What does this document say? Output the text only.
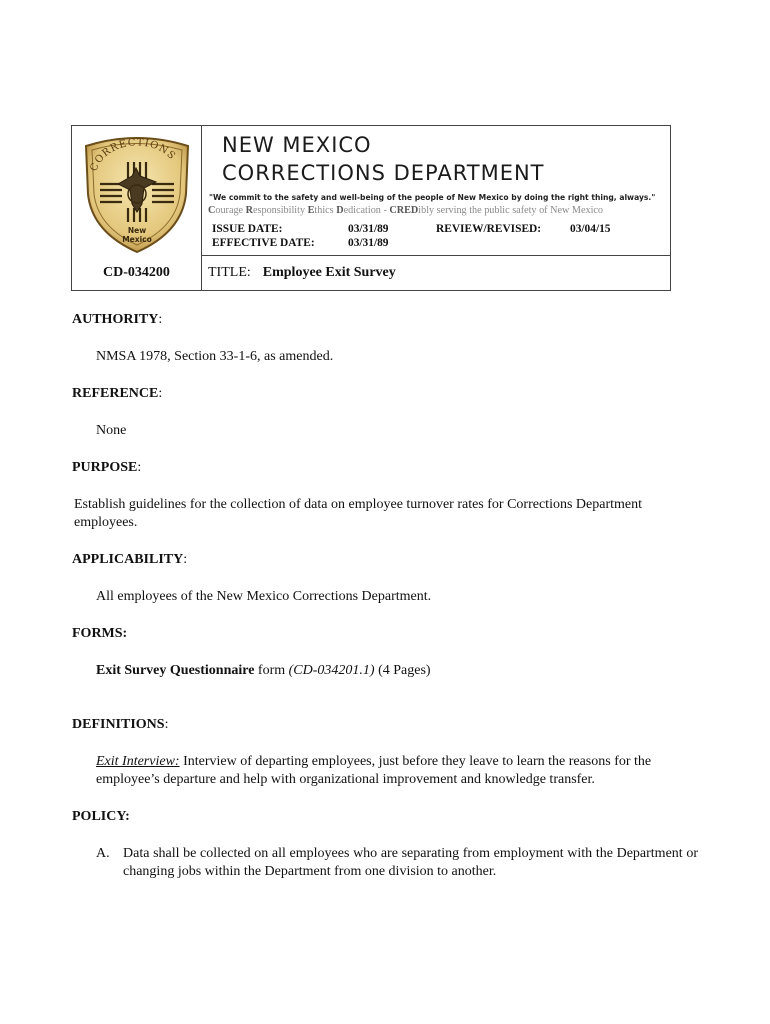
CORRECTIONS
New
Mexico
CD-034200
NEW MEXICO
CORRECTIONS DEPARTMENT
"We commit to the safety and well-being of the people of New Mexico by doing the right thing, always."
Courage Responsibility Ethics Dedication - CREDibly serving the public safety of New Mexico
ISSUE DATE:	03/31/89	REVIEW/REVISED:	03/04/15
EFFECTIVE DATE:	03/31/89
TITLE: Employee Exit Survey
AUTHORITY:
NMSA 1978, Section 33-1-6, as amended.
REFERENCE:
None
PURPOSE:
Establish guidelines for the collection of data on employee turnover rates for Corrections Department employees.
APPLICABILITY:
All employees of the New Mexico Corrections Department.
FORMS:
Exit Survey Questionnaire form (CD-034201.1) (4 Pages)
DEFINITIONS:
Exit Interview: Interview of departing employees, just before they leave to learn the reasons for the employee’s departure and help with organizational improvement and knowledge transfer.
POLICY:
A. Data shall be collected on all employees who are separating from employment with the Department or changing jobs within the Department from one division to another.
